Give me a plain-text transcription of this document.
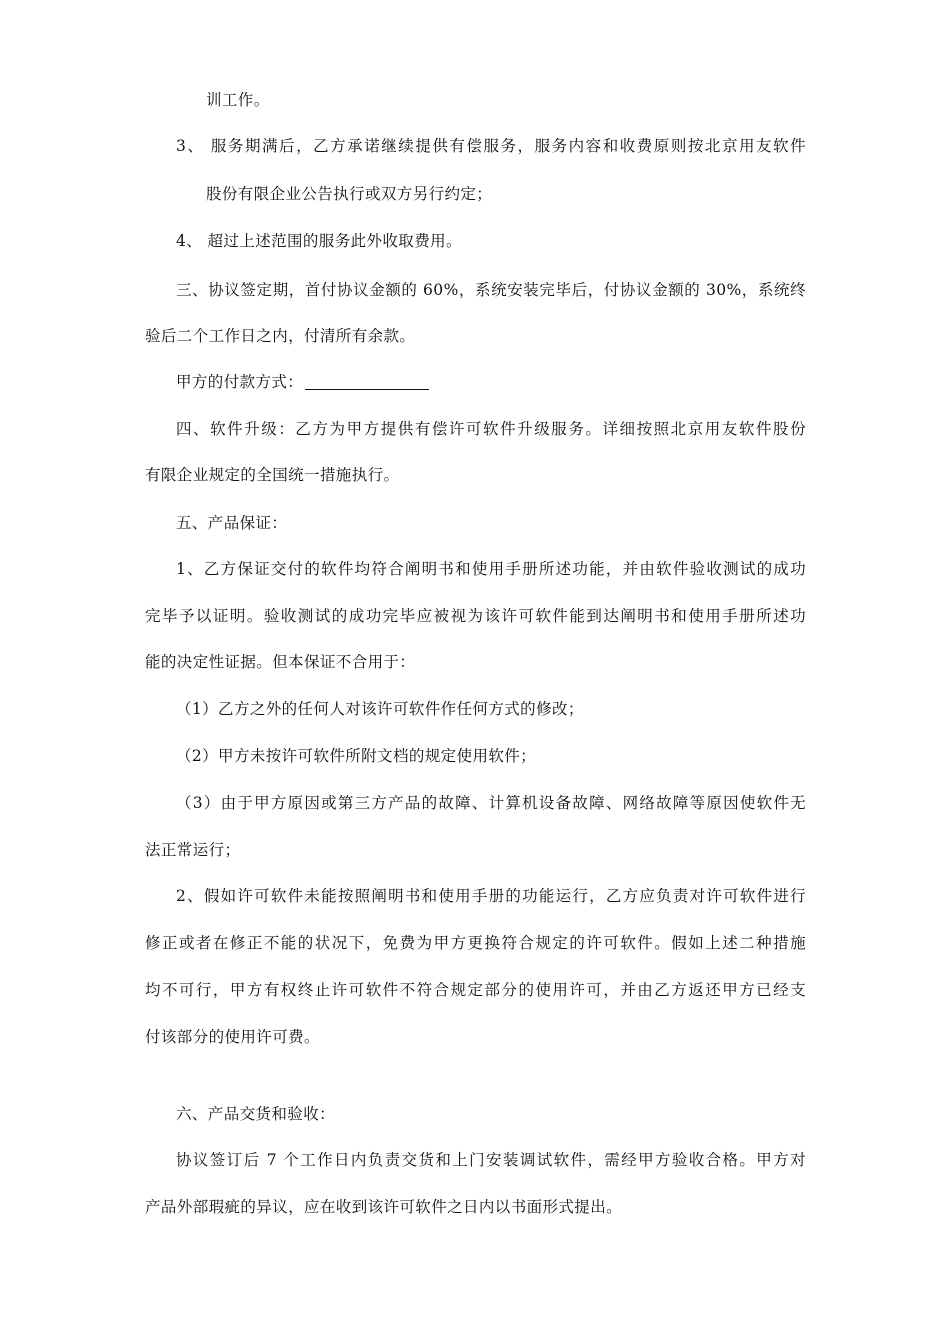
训工作。
3、 服务期满后，乙方承诺继续提供有偿服务，服务内容和收费原则按北京用友软件
股份有限企业公告执行或双方另行约定；
4、 超过上述范围的服务此外收取费用。
三、协议签定期，首付协议金额的 60%，系统安装完毕后，付协议金额的 30%，系统终
验后二个工作日之内，付清所有余款。
甲方的付款方式：
四、软件升级：乙方为甲方提供有偿许可软件升级服务。详细按照北京用友软件股份
有限企业规定的全国统一措施执行。
五、产品保证：
1、乙方保证交付的软件均符合阐明书和使用手册所述功能，并由软件验收测试的成功
完毕予以证明。验收测试的成功完毕应被视为该许可软件能到达阐明书和使用手册所述功
能的决定性证据。但本保证不合用于：
（1）乙方之外的任何人对该许可软件作任何方式的修改；
（2）甲方未按许可软件所附文档的规定使用软件；
（3）由于甲方原因或第三方产品的故障、计算机设备故障、网络故障等原因使软件无
法正常运行；
2、假如许可软件未能按照阐明书和使用手册的功能运行，乙方应负责对许可软件进行
修正或者在修正不能的状况下，免费为甲方更换符合规定的许可软件。假如上述二种措施
均不可行，甲方有权终止许可软件不符合规定部分的使用许可，并由乙方返还甲方已经支
付该部分的使用许可费。
六、产品交货和验收：
协议签订后 7 个工作日内负责交货和上门安装调试软件，需经甲方验收合格。甲方对
产品外部瑕疵的异议，应在收到该许可软件之日内以书面形式提出。
